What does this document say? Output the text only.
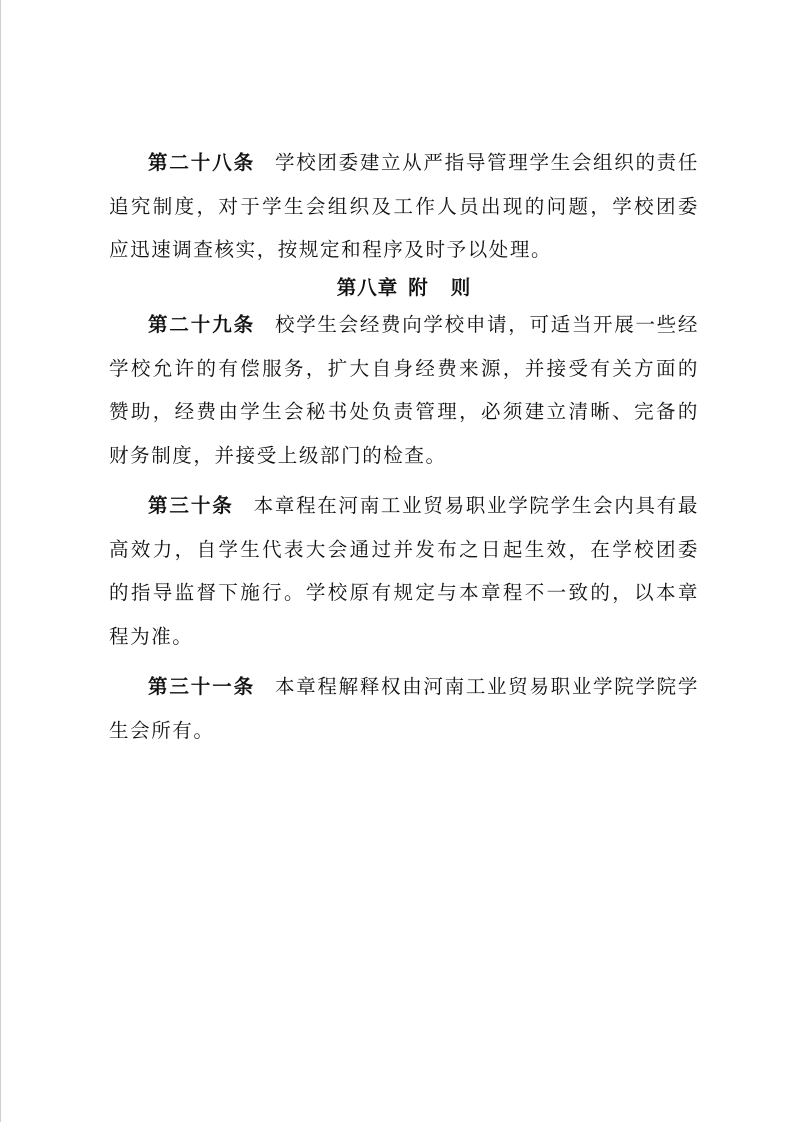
第二十八条 学校团委建立从严指导管理学生会组织的责任追究制度，对于学生会组织及工作人员出现的问题，学校团委应迅速调查核实，按规定和程序及时予以处理。

第八章 附 则

第二十九条 校学生会经费向学校申请，可适当开展一些经学校允许的有偿服务，扩大自身经费来源，并接受有关方面的赞助，经费由学生会秘书处负责管理，必须建立清晰、完备的财务制度，并接受上级部门的检查。

第三十条 本章程在河南工业贸易职业学院学生会内具有最高效力，自学生代表大会通过并发布之日起生效，在学校团委的指导监督下施行。学校原有规定与本章程不一致的，以本章程为准。

第三十一条 本章程解释权由河南工业贸易职业学院学院学生会所有。
